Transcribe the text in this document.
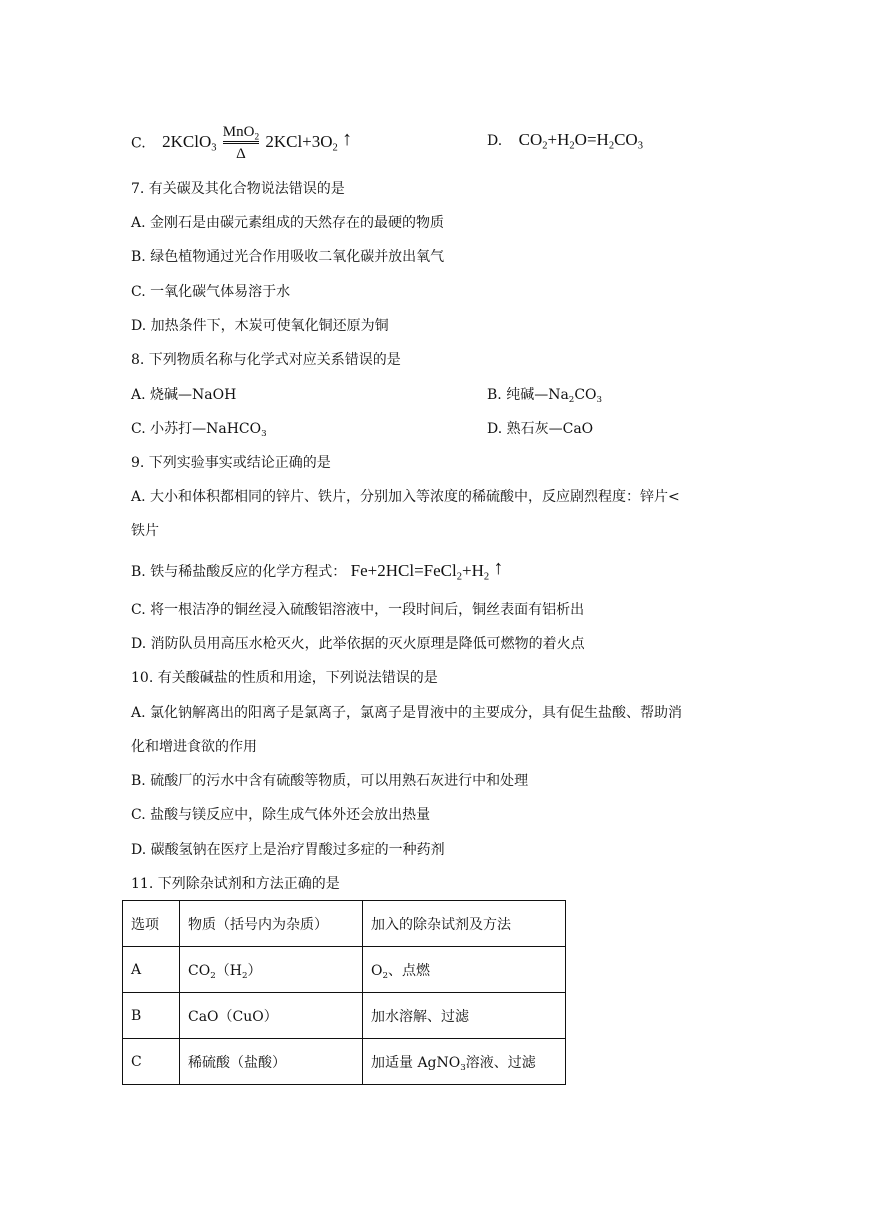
C. 2KClO$_3$ $\frac{MnO_2}{\Delta} 2KCl+3O_2$ ↑	D. $CO_2+H_2O=H_2CO_3$
7. 有关碳及其化合物说法错误的是
A. 金刚石是由碳元素组成的天然存在的最硬的物质
B. 绿色植物通过光合作用吸收二氧化碳并放出氧气
C. 一氧化碳气体易溶于水
D. 加热条件下，木炭可使氧化铜还原为铜
8. 下列物质名称与化学式对应关系错误的是
A. 烧碱—NaOH	B. 纯碱$—Na_2CO_3$
C. 小苏打—NaHCO$_3$	D. 熟石灰—CaO
9. 下列实验事实或结论正确的是
A. 大小和体积都相同的锌片、铁片，分别加入等浓度的稀硫酸中，反应剧烈程度：锌片<
铁片
B. 铁与稀盐酸反应的化学方程式： $Fe+2HCl=FeCl_2+H_2$ ↑
C. 将一根洁净的铜丝浸入硫酸铝溶液中，一段时间后，铜丝表面有铝析出
D. 消防队员用高压水枪灭火，此举依据的灭火原理是降低可燃物的着火点
10. 有关酸碱盐的性质和用途，下列说法错误的是
A. 氯化钠解离出的阳离子是氯离子，氯离子是胃液中的主要成分，具有促生盐酸、帮助消
化和增进食欲的作用
B. 硫酸厂的污水中含有硫酸等物质，可以用熟石灰进行中和处理
C. 盐酸与镁反应中，除生成气体外还会放出热量
D. 碳酸氢钠在医疗上是治疗胃酸过多症的一种药剂
11. 下列除杂试剂和方法正确的是
选项	物质（括号内为杂质）	加入的除杂试剂及方法
A	$CO_2(H_2)$	$O_2$、点燃
B	CaO（CuO）	加水溶解、过滤
C	稀硫酸（盐酸）	加适量 AgNO$_3$溶液、过滤
